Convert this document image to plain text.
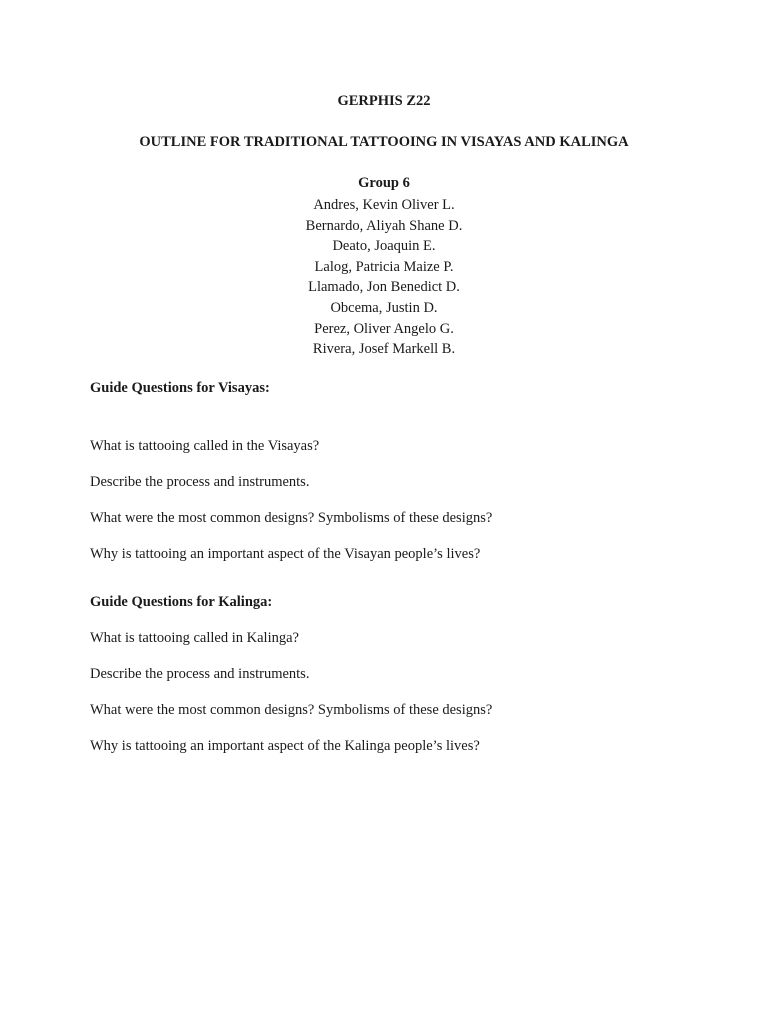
GERPHIS Z22
OUTLINE FOR TRADITIONAL TATTOOING IN VISAYAS AND KALINGA
Group 6
Andres, Kevin Oliver L.
Bernardo, Aliyah Shane D.
Deato, Joaquin E.
Lalog, Patricia Maize P.
Llamado, Jon Benedict D.
Obcema, Justin D.
Perez, Oliver Angelo G.
Rivera, Josef Markell B.
Guide Questions for Visayas:
What is tattooing called in the Visayas?
Describe the process and instruments.
What were the most common designs? Symbolisms of these designs?
Why is tattooing an important aspect of the Visayan people’s lives?
Guide Questions for Kalinga:
What is tattooing called in Kalinga?
Describe the process and instruments.
What were the most common designs? Symbolisms of these designs?
Why is tattooing an important aspect of the Kalinga people’s lives?
